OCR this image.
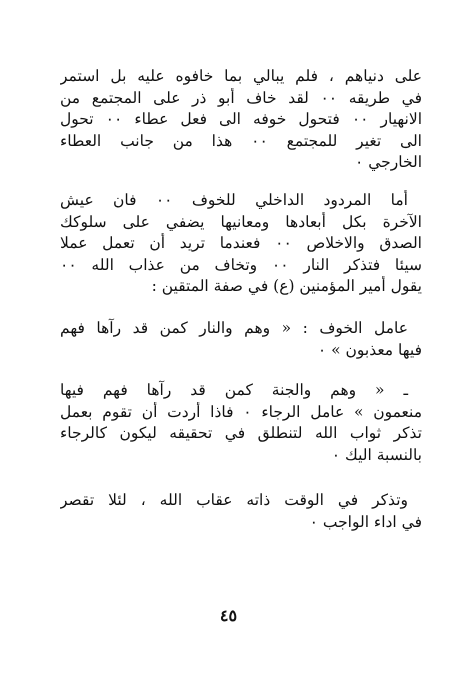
على دنياهم ، فلم يبالي بما خافوه عليه بل استمر
في طريقه ٠٠ لقد خاف أبو ذر على المجتمع من
الانهيار ٠٠ فتحول خوفه الى فعل عطاء ٠٠ تحول
الى تغير للمجتمع ٠٠ هذا من جانب العطاء
الخارجي ٠
أما المردود الداخلي للخوف ٠٠ فان عيش
الآخرة بكل أبعادها ومعانيها يضفي على سلوكك
الصدق والاخلاص ٠٠ فعندما تريد أن تعمل عملا
سيئا فتذكر النار ٠٠ وتخاف من عذاب الله ٠٠
يقول أمير المؤمنين (ع) في صفة المتقين :
عامل الخوف : « وهم والنار كمن قد رآها فهم
فيها معذبون » ٠
ـ « وهم والجنة كمن قد رآها فهم فيها
منعمون » عامل الرجاء ٠ فاذا أردت أن تقوم بعمل
تذكر ثواب الله لتنطلق في تحقيقه ليكون كالرجاء
بالنسبة اليك ٠
وتذكر في الوقت ذاته عقاب الله ، لئلا تقصر
في اداء الواجب ٠
٤٥
